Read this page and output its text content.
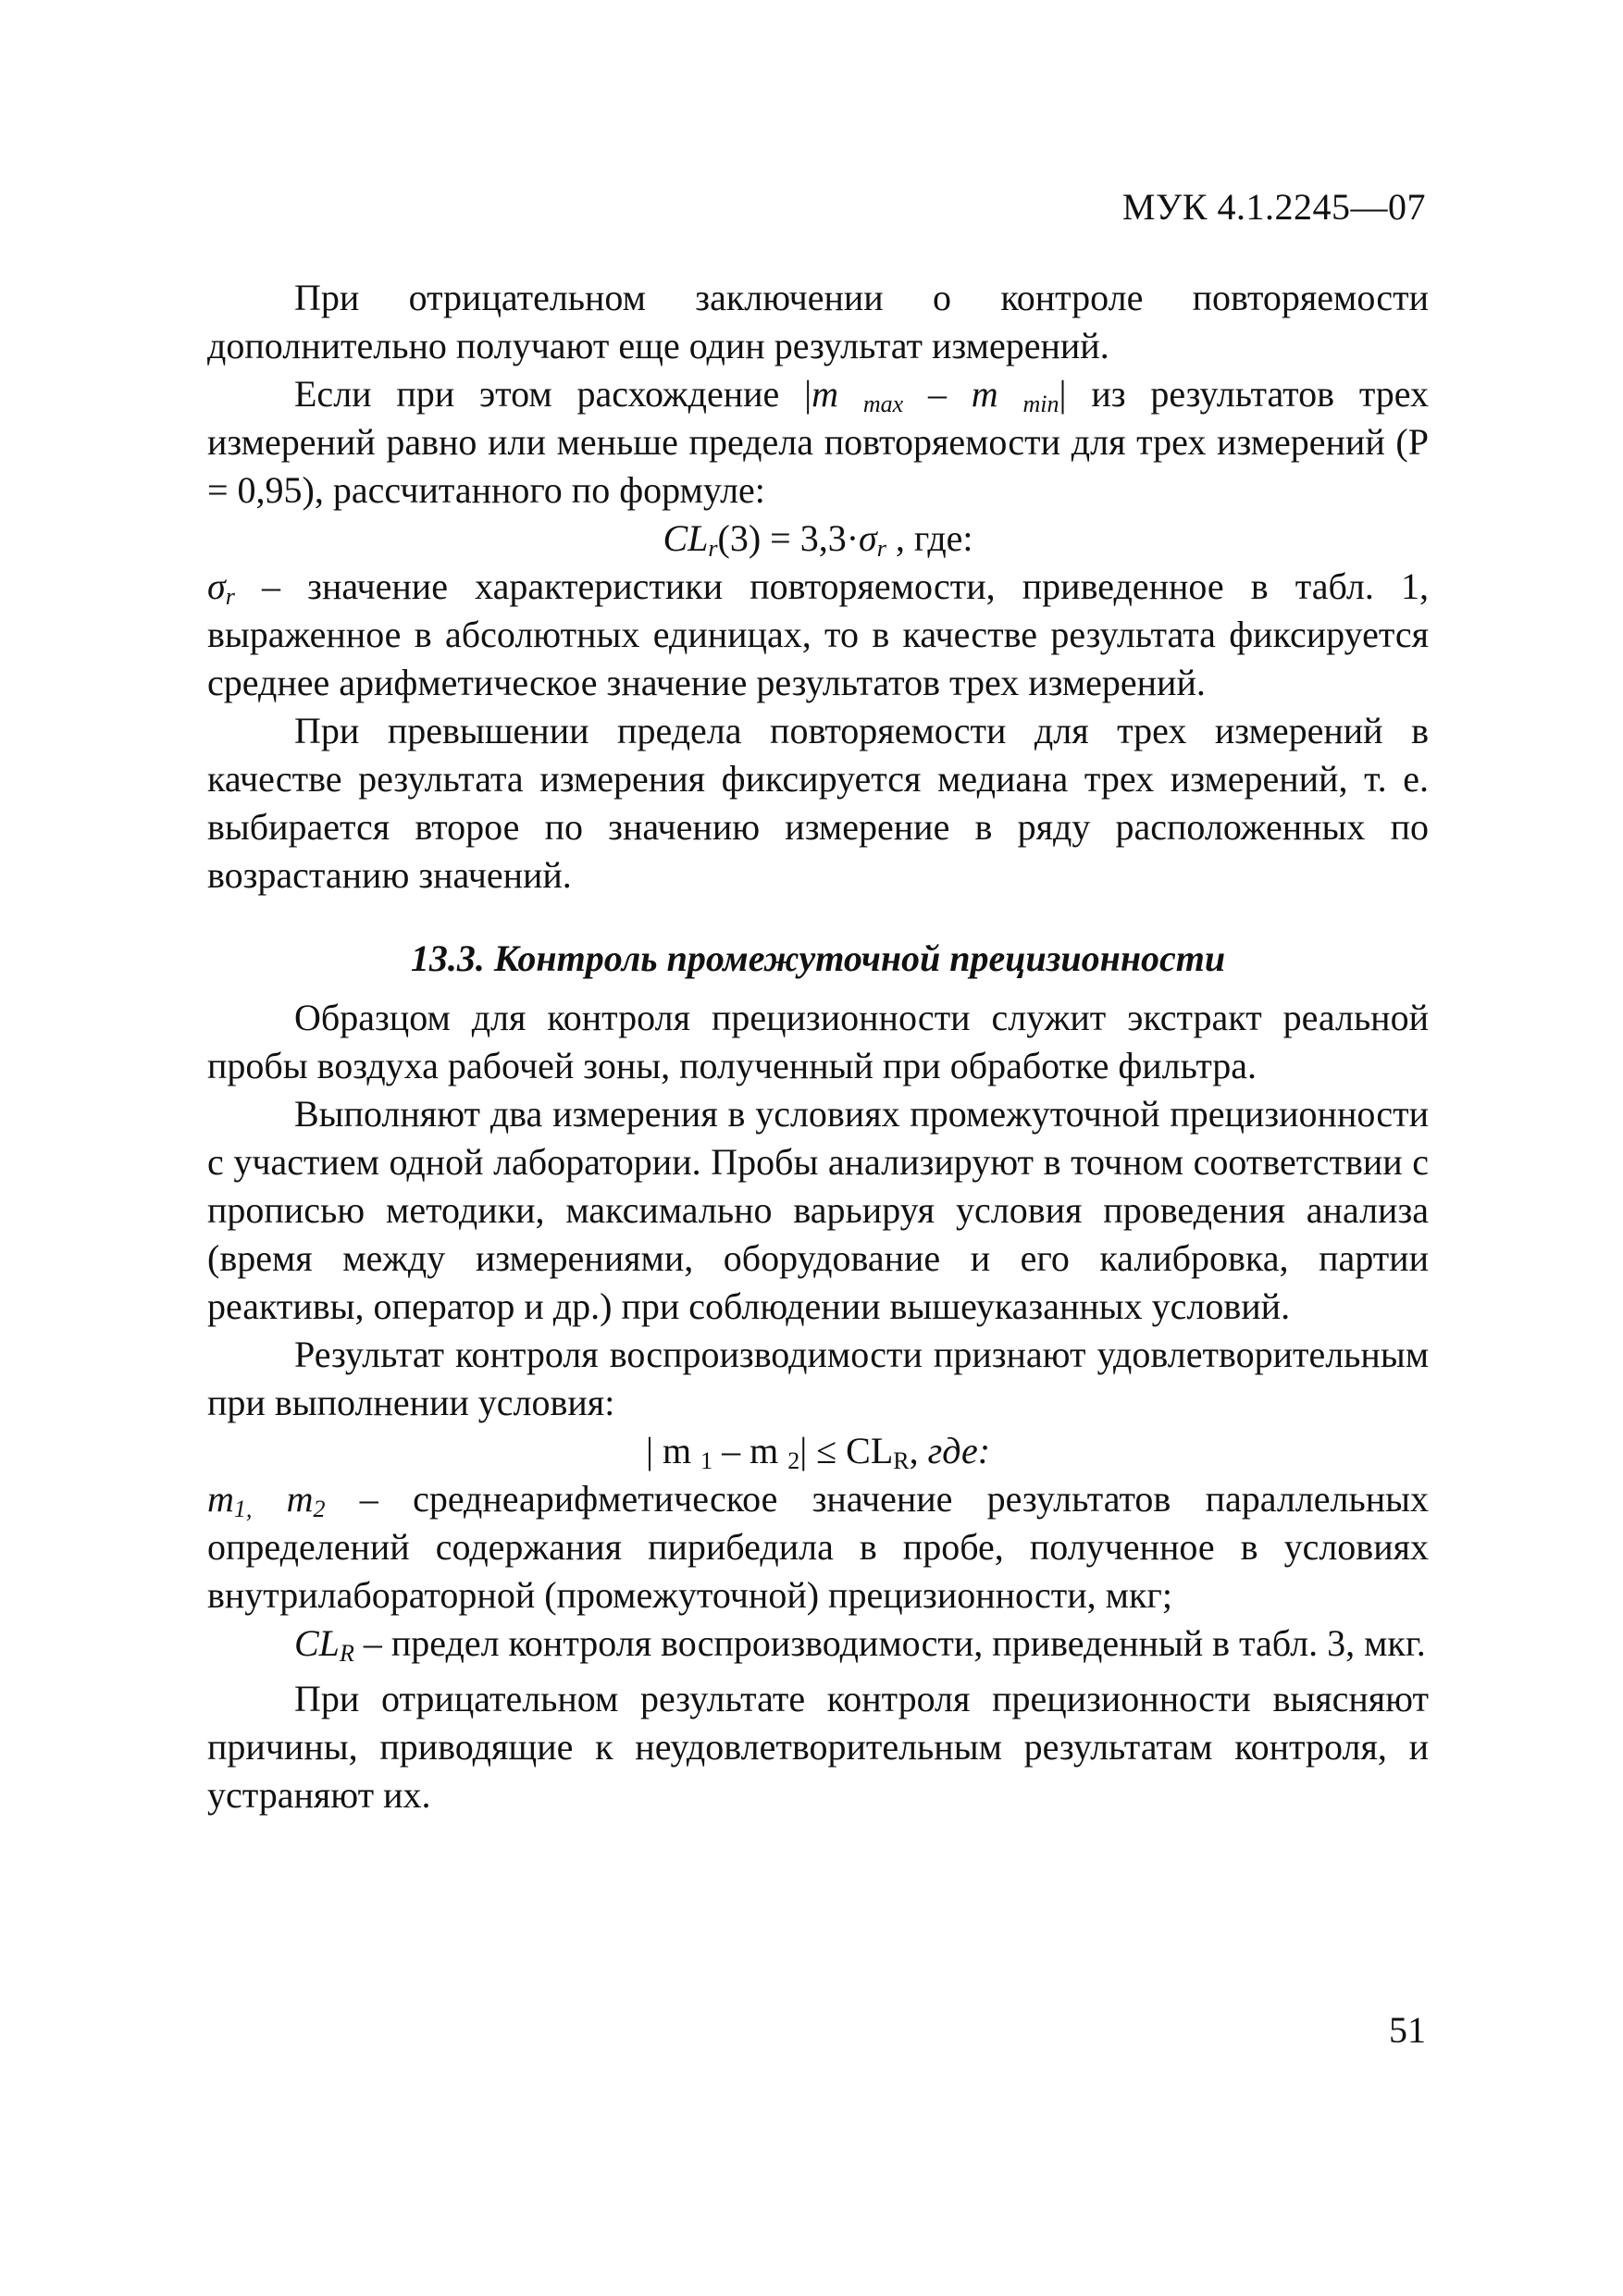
МУК 4.1.2245—07

При отрицательном заключении о контроле повторяемости дополнительно получают еще один результат измерений.

Если при этом расхождение |m max – m min| из результатов трех измерений равно или меньше предела повторяемости для трех измерений (Р = 0,95), рассчитанного по формуле:

CLr(3) = 3,3·σr , где:

σr – значение характеристики повторяемости, приведенное в табл. 1, выраженное в абсолютных единицах, то в качестве результата фиксируется среднее арифметическое значение результатов трех измерений.

При превышении предела повторяемости для трех измерений в качестве результата измерения фиксируется медиана трех измерений, т. е. выбирается второе по значению измерение в ряду расположенных по возрастанию значений.

13.3. Контроль промежуточной прецизионности

Образцом для контроля прецизионности служит экстракт реальной пробы воздуха рабочей зоны, полученный при обработке фильтра.

Выполняют два измерения в условиях промежуточной прецизионности с участием одной лаборатории. Пробы анализируют в точном соответствии с прописью методики, максимально варьируя условия проведения анализа (время между измерениями, оборудование и его калибровка, партии реактивы, оператор и др.) при соблюдении вышеуказанных условий.

Результат контроля воспроизводимости признают удовлетворительным при выполнении условия:

| m $_1$ – m $_2| \le CL_R$, где:

m1, m2 – среднеарифметическое значение результатов параллельных определений содержания пирибедила в пробе, полученное в условиях внутрилабораторной (промежуточной) прецизионности, мкг;

CLR – предел контроля воспроизводимости, приведенный в табл. 3, мкг.

При отрицательном результате контроля прецизионности выясняют причины, приводящие к неудовлетворительным результатам контроля, и устраняют их.

51
